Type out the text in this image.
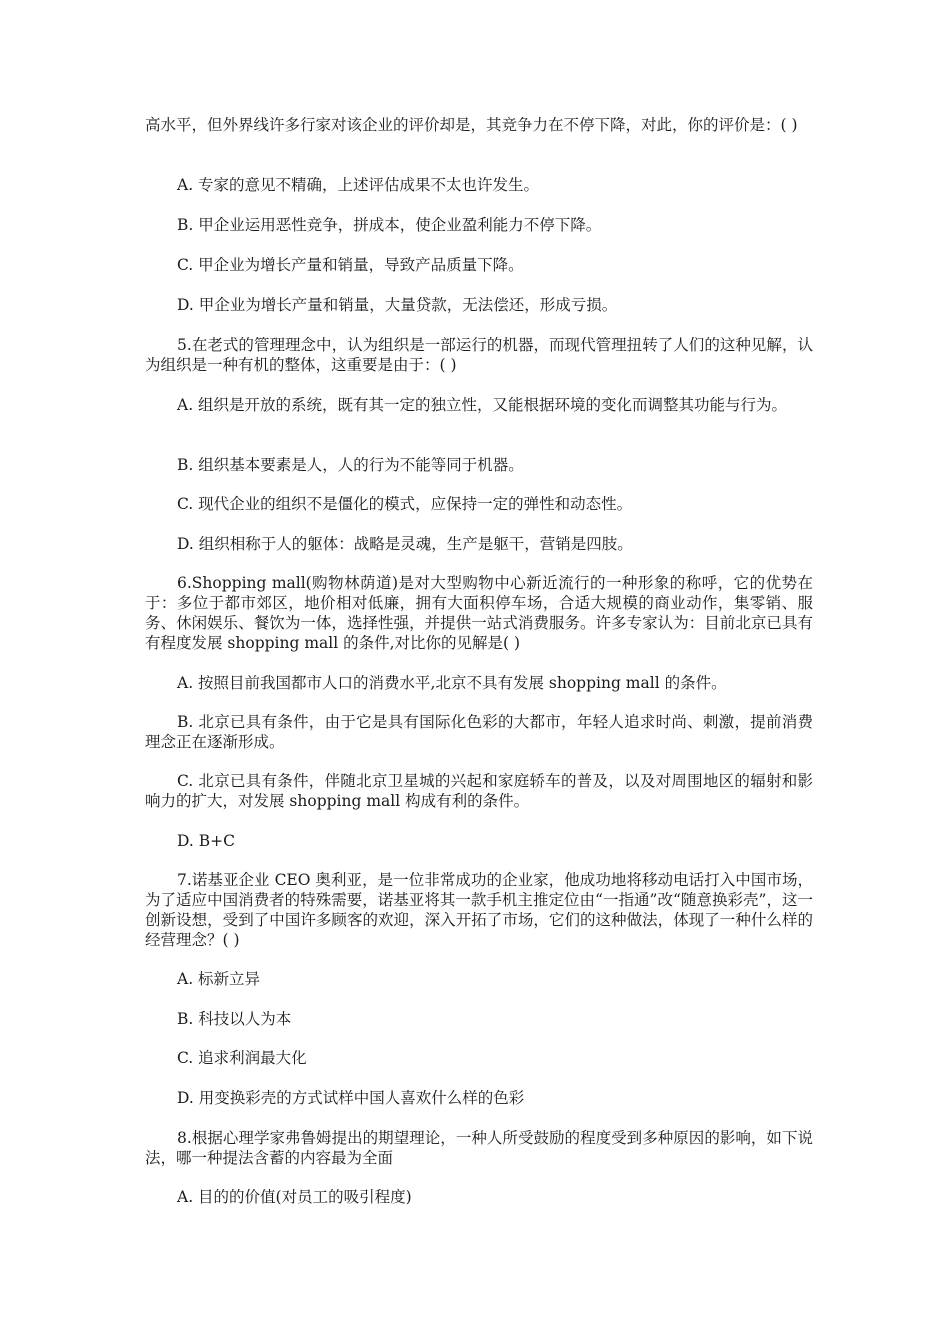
高水平，但外界线许多行家对该企业的评价却是，其竞争力在不停下降，对此，你的评价是：( )

A. 专家的意见不精确，上述评估成果不太也许发生。

B. 甲企业运用恶性竞争，拼成本，使企业盈利能力不停下降。

C. 甲企业为增长产量和销量，导致产品质量下降。

D. 甲企业为增长产量和销量，大量贷款，无法偿还，形成亏损。

5.在老式的管理理念中，认为组织是一部运行的机器，而现代管理扭转了人们的这种见解，认为组织是一种有机的整体，这重要是由于：( )

A. 组织是开放的系统，既有其一定的独立性，又能根据环境的变化而调整其功能与行为。

B. 组织基本要素是人，人的行为不能等同于机器。

C. 现代企业的组织不是僵化的模式，应保持一定的弹性和动态性。

D. 组织相称于人的躯体：战略是灵魂，生产是躯干，营销是四肢。

6.Shopping mall(购物林荫道)是对大型购物中心新近流行的一种形象的称呼，它的优势在于：多位于都市郊区，地价相对低廉，拥有大面积停车场，合适大规模的商业动作，集零销、服务、休闲娱乐、餐饮为一体，选择性强，并提供一站式消费服务。许多专家认为：目前北京已具有有程度发展 shopping mall 的条件,对比你的见解是( )

A. 按照目前我国都市人口的消费水平,北京不具有发展 shopping mall 的条件。

B. 北京已具有条件，由于它是具有国际化色彩的大都市，年轻人追求时尚、刺激，提前消费理念正在逐渐形成。

C. 北京已具有条件，伴随北京卫星城的兴起和家庭轿车的普及，以及对周围地区的辐射和影响力的扩大，对发展 shopping mall 构成有利的条件。

D. B+C

7.诺基亚企业 CEO 奥利亚，是一位非常成功的企业家，他成功地将移动电话打入中国市场，为了适应中国消费者的特殊需要，诺基亚将其一款手机主推定位由“一指通”改“随意换彩壳”，这一创新设想，受到了中国许多顾客的欢迎，深入开拓了市场，它们的这种做法，体现了一种什么样的经营理念？( )

A. 标新立异

B. 科技以人为本

C. 追求利润最大化

D. 用变换彩壳的方式试样中国人喜欢什么样的色彩

8.根据心理学家弗鲁姆提出的期望理论，一种人所受鼓励的程度受到多种原因的影响，如下说法，哪一种提法含蓄的内容最为全面

A. 目的的价值(对员工的吸引程度)
